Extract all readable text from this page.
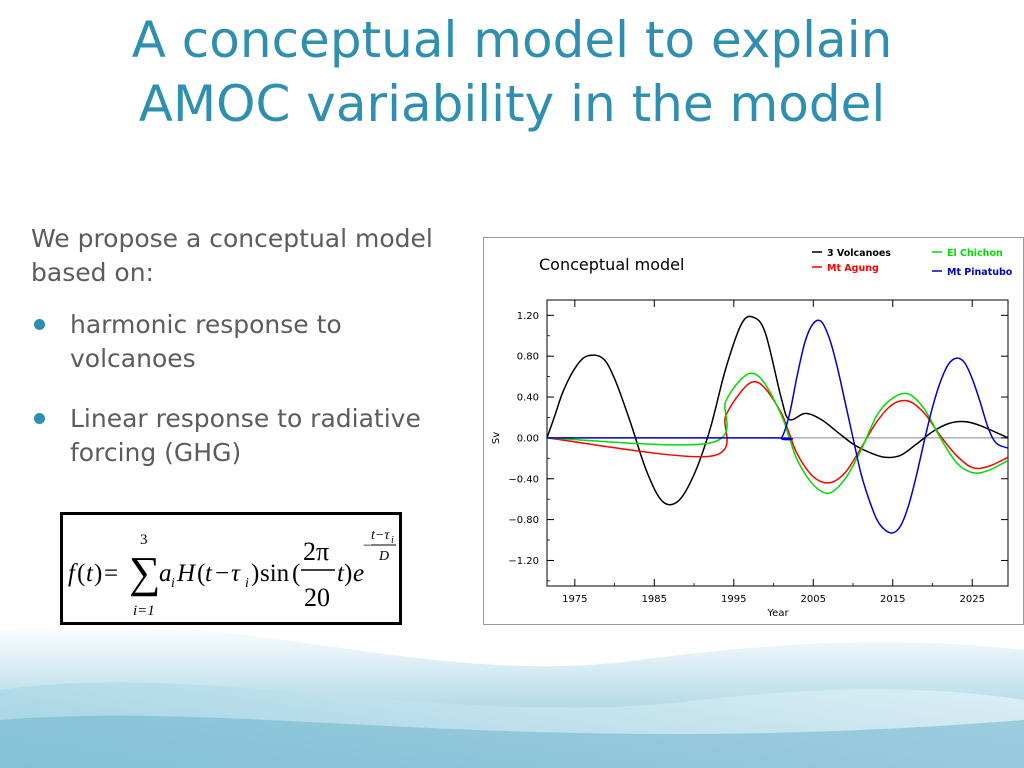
A conceptual model to explain
AMOC variability in the model

We propose a conceptual model based on:

harmonic response to volcanoes
Linear response to radiative forcing (GHG)
f ( t ) =
3
∑
i=1
a i H ( t − τ i ) sin (
2π
20
t ) e
−
t−τ i
D
Conceptual model
3 Volcanoes
Mt Agung
El Chichon
Mt Pinatubo
1.20
0.80
0.40
0.00
−0.40
−0.80
−1.20
1975	1985	1995	2005	2015	2025
Sv
Year
